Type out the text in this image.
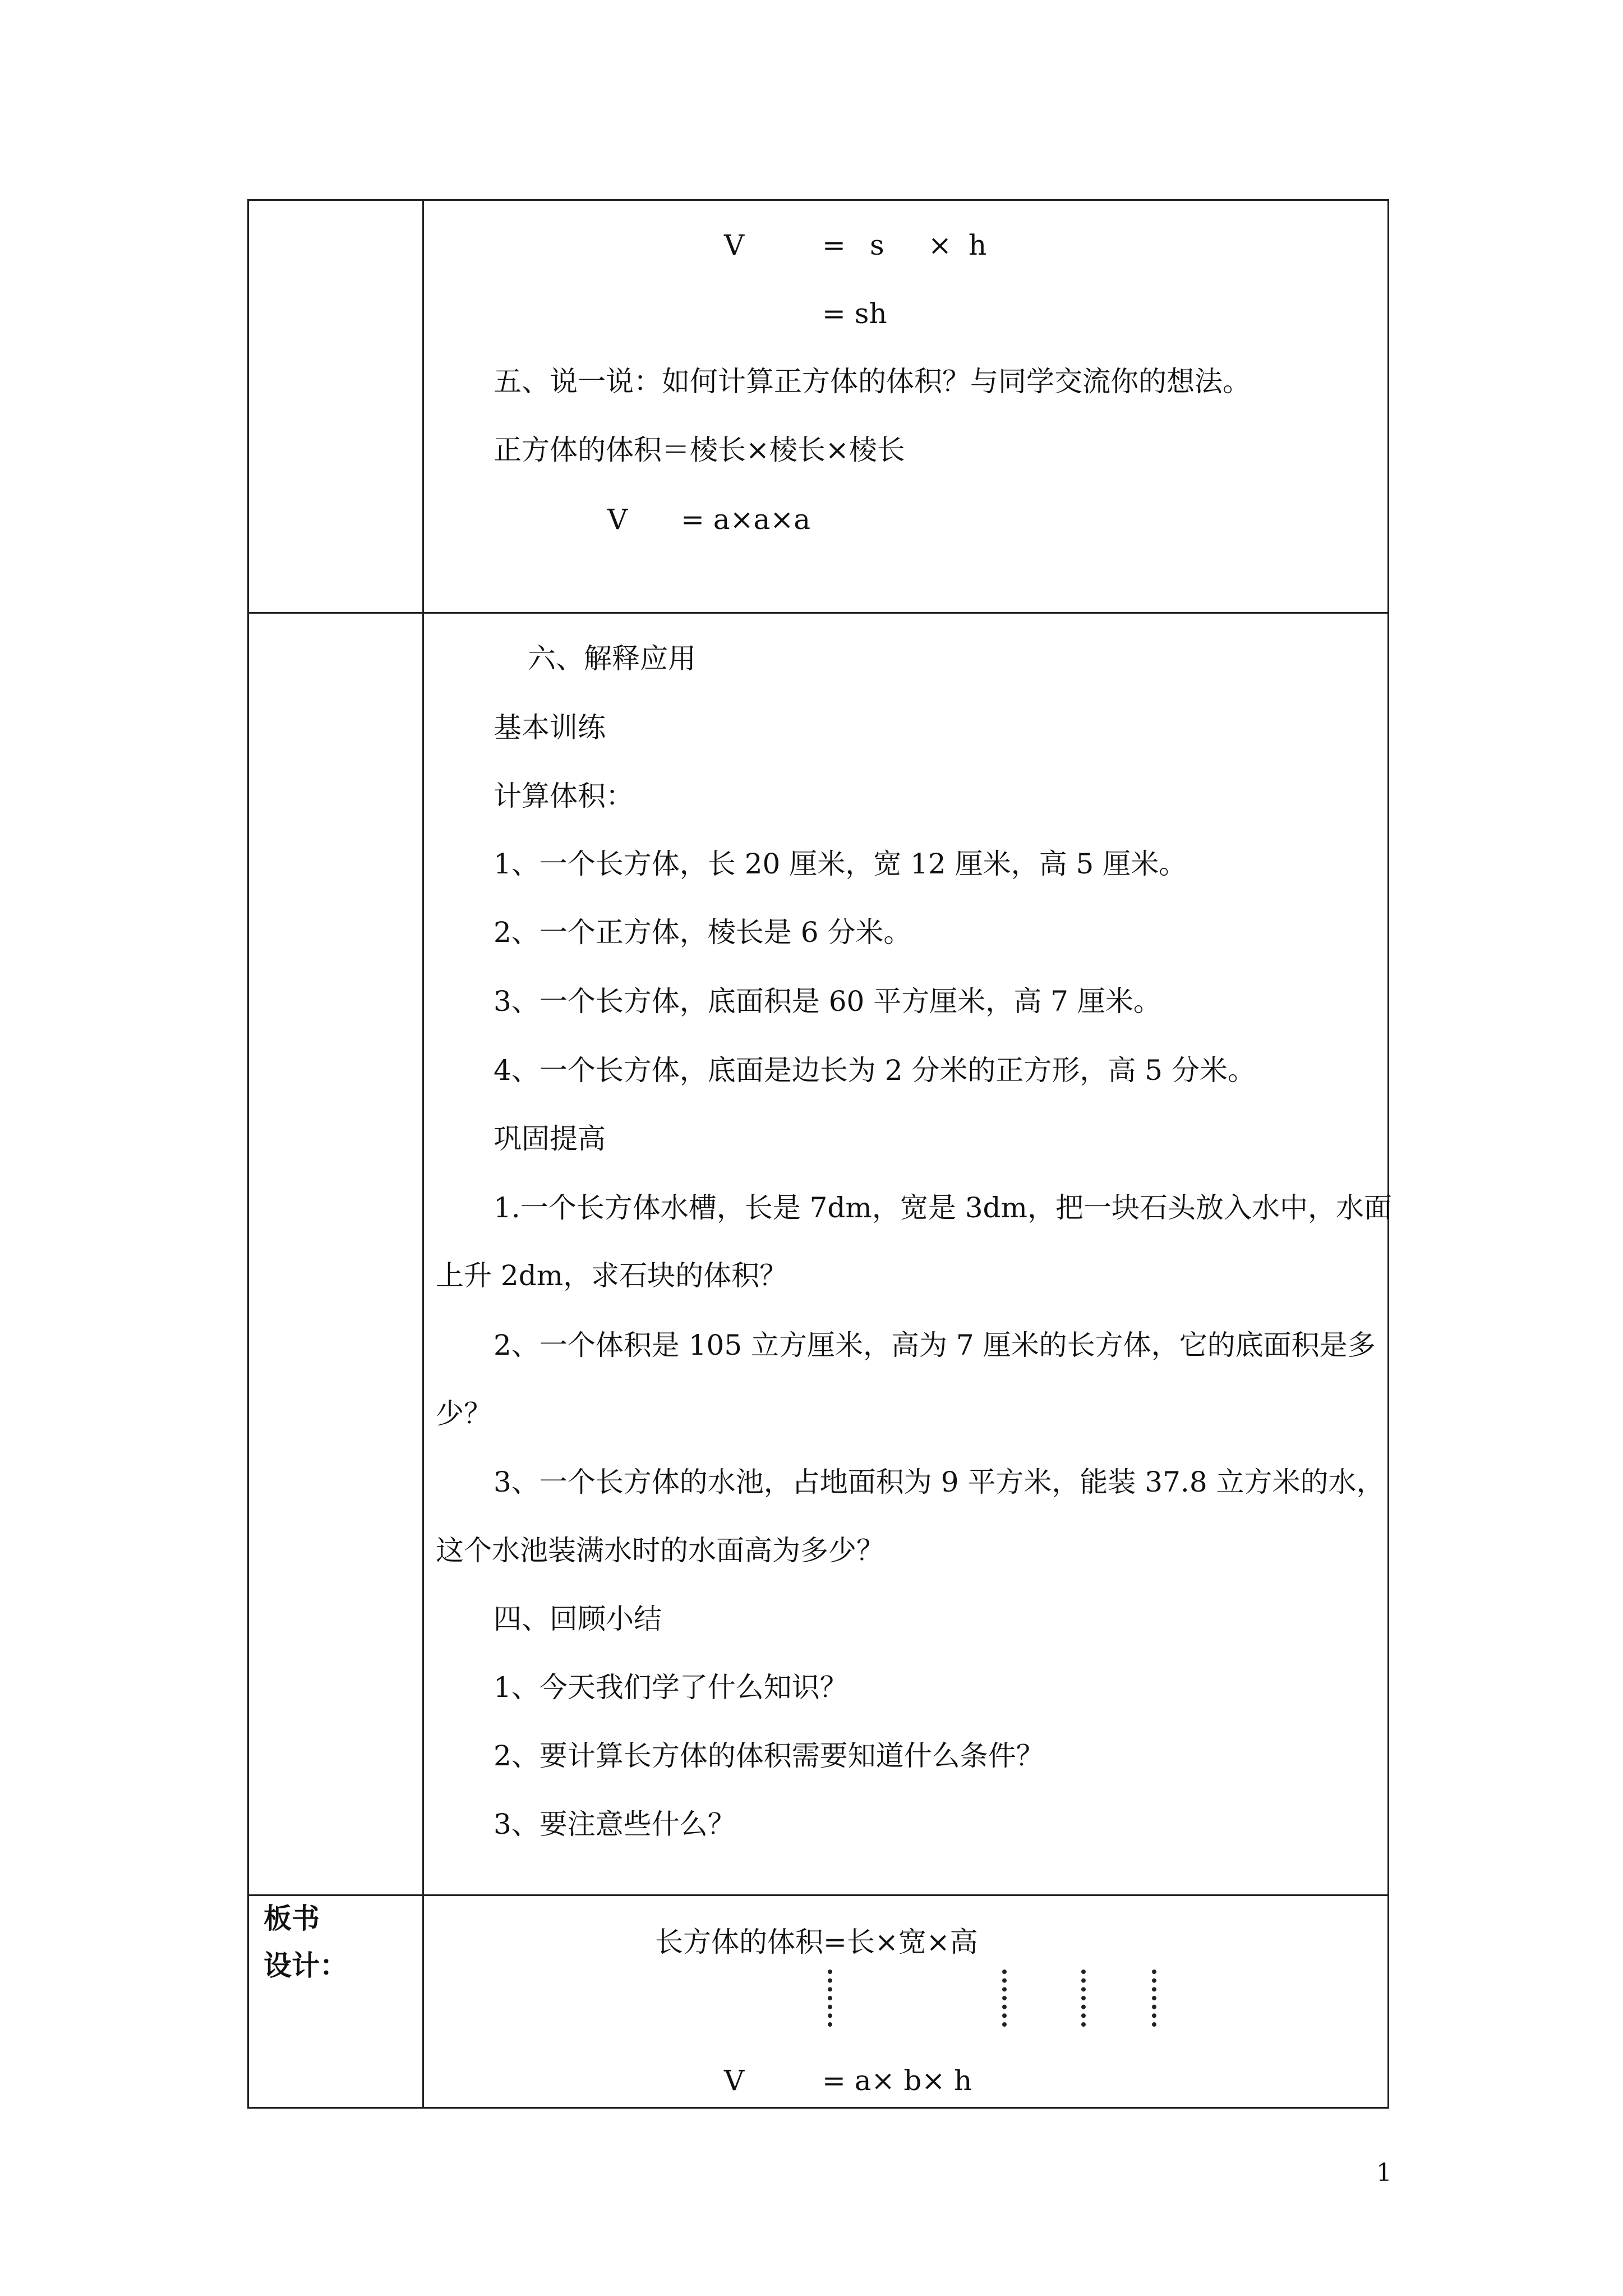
V	= s × h
= sh
五、说一说：如何计算正方体的体积？与同学交流你的想法。
正方体的体积＝棱长×棱长×棱长
V = a×a×a
六、解释应用
基本训练
计算体积：
1、一个长方体，长 20 厘米，宽 12 厘米，高 5 厘米。
2、一个正方体，棱长是 6 分米。
3、一个长方体，底面积是 60 平方厘米，高 7 厘米。
4、一个长方体，底面是边长为 2 分米的正方形，高 5 分米。
巩固提高
1.一个长方体水槽，长是 7dm，宽是 3dm，把一块石头放入水中，水面
上升 2dm，求石块的体积？
2、一个体积是 105 立方厘米，高为 7 厘米的长方体，它的底面积是多
少？
3、一个长方体的水池，占地面积为 9 平方米，能装 37.8 立方米的水，
这个水池装满水时的水面高为多少？
四、回顾小结
1、今天我们学了什么知识？
2、要计算长方体的体积需要知道什么条件？
3、要注意些什么？
板书
设计：
长方体的体积=长×宽×高
V	= a× b× h
1
